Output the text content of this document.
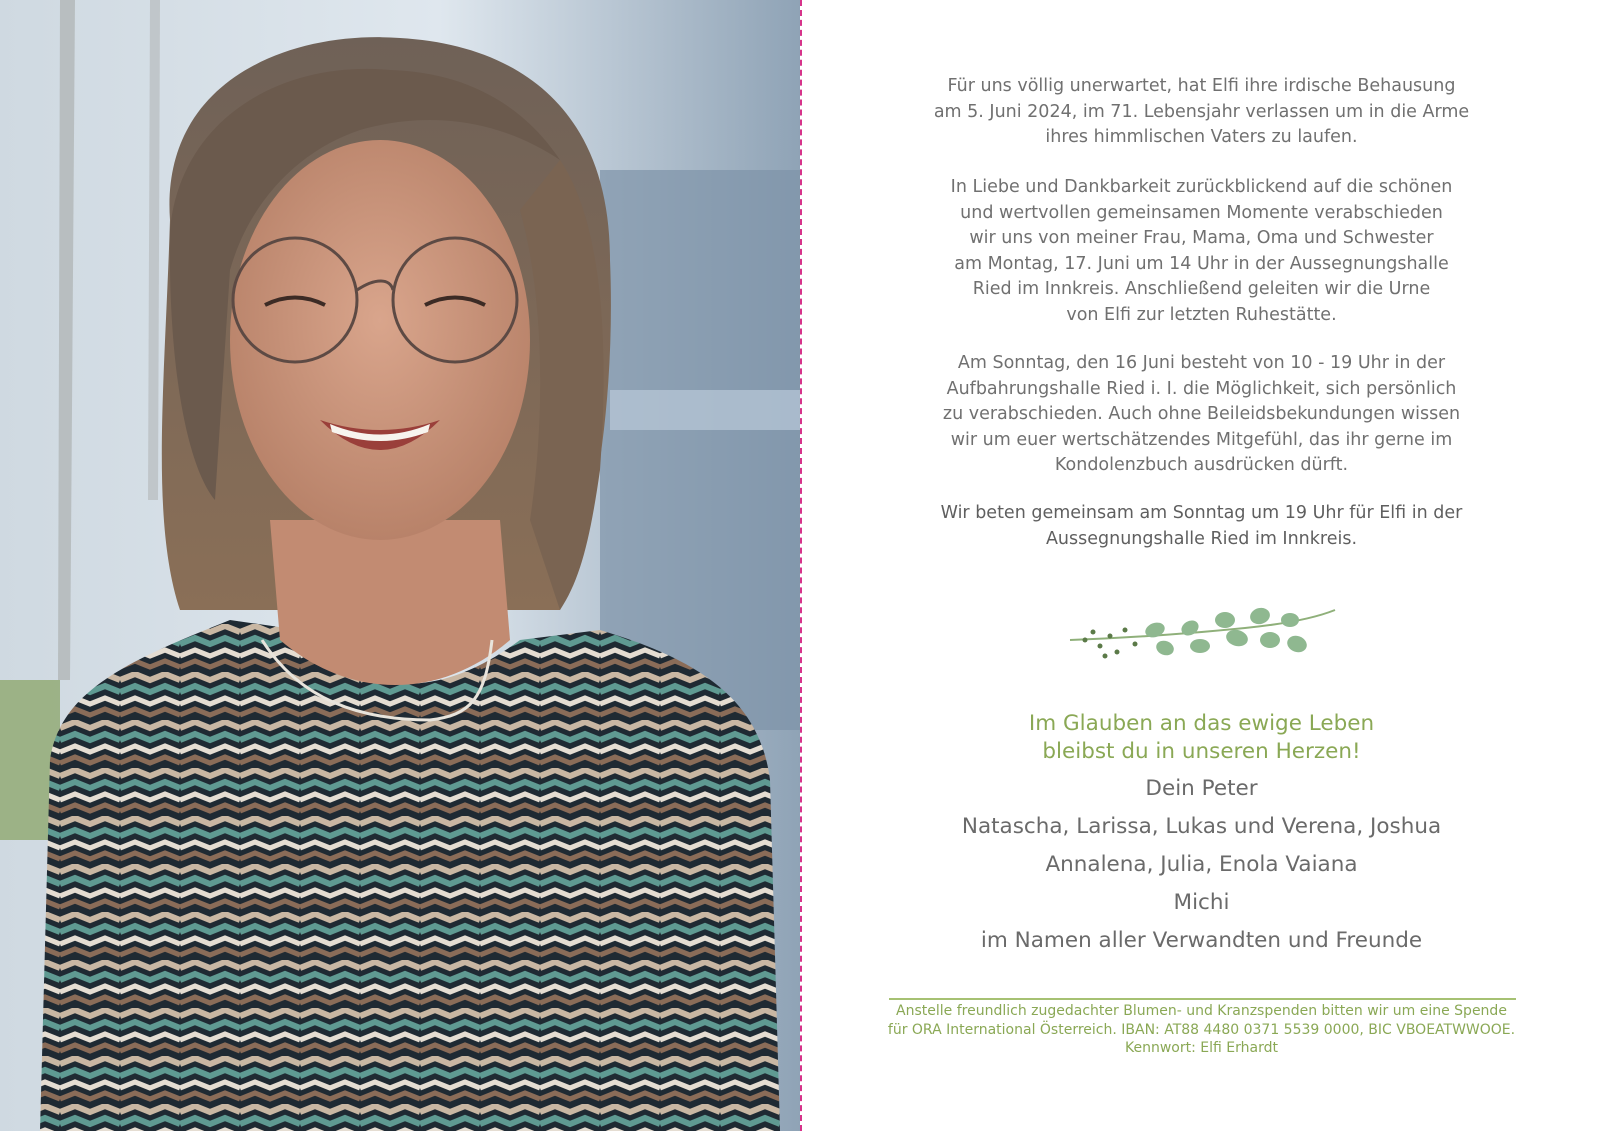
Für uns völlig unerwartet, hat Elfi ihre irdische Behausung
am 5. Juni 2024, im 71. Lebensjahr verlassen um in die Arme
ihres himmlischen Vaters zu laufen.
In Liebe und Dankbarkeit zurückblickend auf die schönen
und wertvollen gemeinsamen Momente verabschieden
wir uns von meiner Frau, Mama, Oma und Schwester
am Montag, 17. Juni um 14 Uhr in der Aussegnungshalle
Ried im Innkreis. Anschließend geleiten wir die Urne
von Elfi zur letzten Ruhestätte.
Am Sonntag, den 16 Juni besteht von 10 - 19 Uhr in der
Aufbahrungshalle Ried i. I. die Möglichkeit, sich persönlich
zu verabschieden. Auch ohne Beileidsbekundungen wissen
wir um euer wertschätzendes Mitgefühl, das ihr gerne im
Kondolenzbuch ausdrücken dürft.
Wir beten gemeinsam am Sonntag um 19 Uhr für Elfi in der
Aussegnungshalle Ried im Innkreis.
Im Glauben an das ewige Leben
bleibst du in unseren Herzen!
Dein Peter
Natascha, Larissa, Lukas und Verena, Joshua
Annalena, Julia, Enola Vaiana
Michi
im Namen aller Verwandten und Freunde
Anstelle freundlich zugedachter Blumen- und Kranzspenden bitten wir um eine Spende
für ORA International Österreich. IBAN: AT88 4480 0371 5539 0000, BIC VBOEATWWOOE.
Kennwort: Elfi Erhardt
